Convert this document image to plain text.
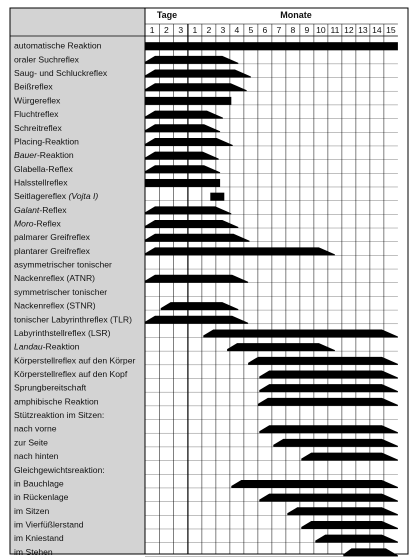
automatische Reaktion
oraler Suchreflex
Saug- und Schluckreflex
Beißreflex
Würgereflex
Fluchtreflex
Schreitreflex
Placing-Reaktion
Bauer-Reaktion
Glabella-Reflex
Halsstellreflex
Seitlagereflex (Vojta I)
Galant-Reflex
Moro-Reflex
palmarer Greifreflex
plantarer Greifreflex
asymmetrischer tonischer
Nackenreflex (ATNR)
symmetrischer tonischer
Nackenreflex (STNR)
tonischer Labyrinthreflex (TLR)
Labyrinthstellreflex (LSR)
Landau-Reaktion
Körperstellreflex auf den Körper
Körperstellreflex auf den Kopf
Sprungbereitschaft
amphibische Reaktion
Stützreaktion im Sitzen:
nach vorne
zur Seite
nach hinten
Gleichgewichtsreaktion:
in Bauchlage
in Rückenlage
im Sitzen
im Vierfüßlerstand
im Kniestand
im Stehen
Tage	Monate
1 2 3 1 2 3 4 5 6 7 8 9 10 11 12 13 14 15
